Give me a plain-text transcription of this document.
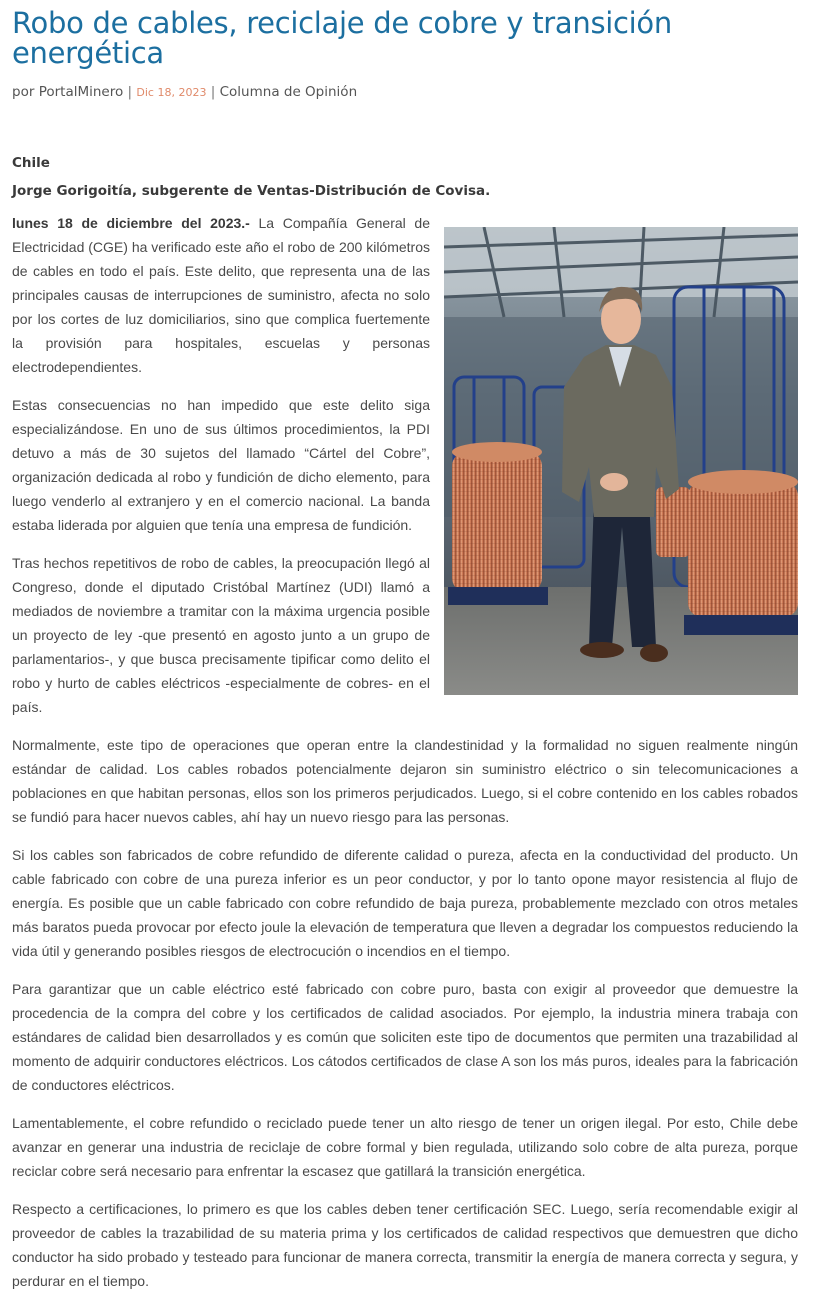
Robo de cables, reciclaje de cobre y transición energética
por PortalMinero | Dic 18, 2023 | Columna de Opinión
Chile
Jorge Gorigoitía, subgerente de Ventas-Distribución de Covisa.

lunes 18 de diciembre del 2023.- La Compañía General de Electricidad (CGE) ha verificado este año el robo de 200 kilómetros de cables en todo el país. Este delito, que representa una de las principales causas de interrupciones de suministro, afecta no solo por los cortes de luz domiciliarios, sino que complica fuertemente la provisión para hospitales, escuelas y personas electrodependientes.

Estas consecuencias no han impedido que este delito siga especializándose. En uno de sus últimos procedimientos, la PDI detuvo a más de 30 sujetos del llamado “Cártel del Cobre”, organización dedicada al robo y fundición de dicho elemento, para luego venderlo al extranjero y en el comercio nacional. La banda estaba liderada por alguien que tenía una empresa de fundición.

Tras hechos repetitivos de robo de cables, la preocupación llegó al Congreso, donde el diputado Cristóbal Martínez (UDI) llamó a mediados de noviembre a tramitar con la máxima urgencia posible un proyecto de ley -que presentó en agosto junto a un grupo de parlamentarios-, y que busca precisamente tipificar como delito el robo y hurto de cables eléctricos -especialmente de cobres- en el país.

Normalmente, este tipo de operaciones que operan entre la clandestinidad y la formalidad no siguen realmente ningún estándar de calidad. Los cables robados potencialmente dejaron sin suministro eléctrico o sin telecomunicaciones a poblaciones en que habitan personas, ellos son los primeros perjudicados. Luego, si el cobre contenido en los cables robados se fundió para hacer nuevos cables, ahí hay un nuevo riesgo para las personas.

Si los cables son fabricados de cobre refundido de diferente calidad o pureza, afecta en la conductividad del producto. Un cable fabricado con cobre de una pureza inferior es un peor conductor, y por lo tanto opone mayor resistencia al flujo de energía. Es posible que un cable fabricado con cobre refundido de baja pureza, probablemente mezclado con otros metales más baratos pueda provocar por efecto joule la elevación de temperatura que lleven a degradar los compuestos reduciendo la vida útil y generando posibles riesgos de electrocución o incendios en el tiempo.

Para garantizar que un cable eléctrico esté fabricado con cobre puro, basta con exigir al proveedor que demuestre la procedencia de la compra del cobre y los certificados de calidad asociados. Por ejemplo, la industria minera trabaja con estándares de calidad bien desarrollados y es común que soliciten este tipo de documentos que permiten una trazabilidad al momento de adquirir conductores eléctricos. Los cátodos certificados de clase A son los más puros, ideales para la fabricación de conductores eléctricos.

Lamentablemente, el cobre refundido o reciclado puede tener un alto riesgo de tener un origen ilegal. Por esto, Chile debe avanzar en generar una industria de reciclaje de cobre formal y bien regulada, utilizando solo cobre de alta pureza, porque reciclar cobre será necesario para enfrentar la escasez que gatillará la transición energética.

Respecto a certificaciones, lo primero es que los cables deben tener certificación SEC. Luego, sería recomendable exigir al proveedor de cables la trazabilidad de su materia prima y los certificados de calidad respectivos que demuestren que dicho conductor ha sido probado y testeado para funcionar de manera correcta, transmitir la energía de manera correcta y segura, y perdurar en el tiempo.
